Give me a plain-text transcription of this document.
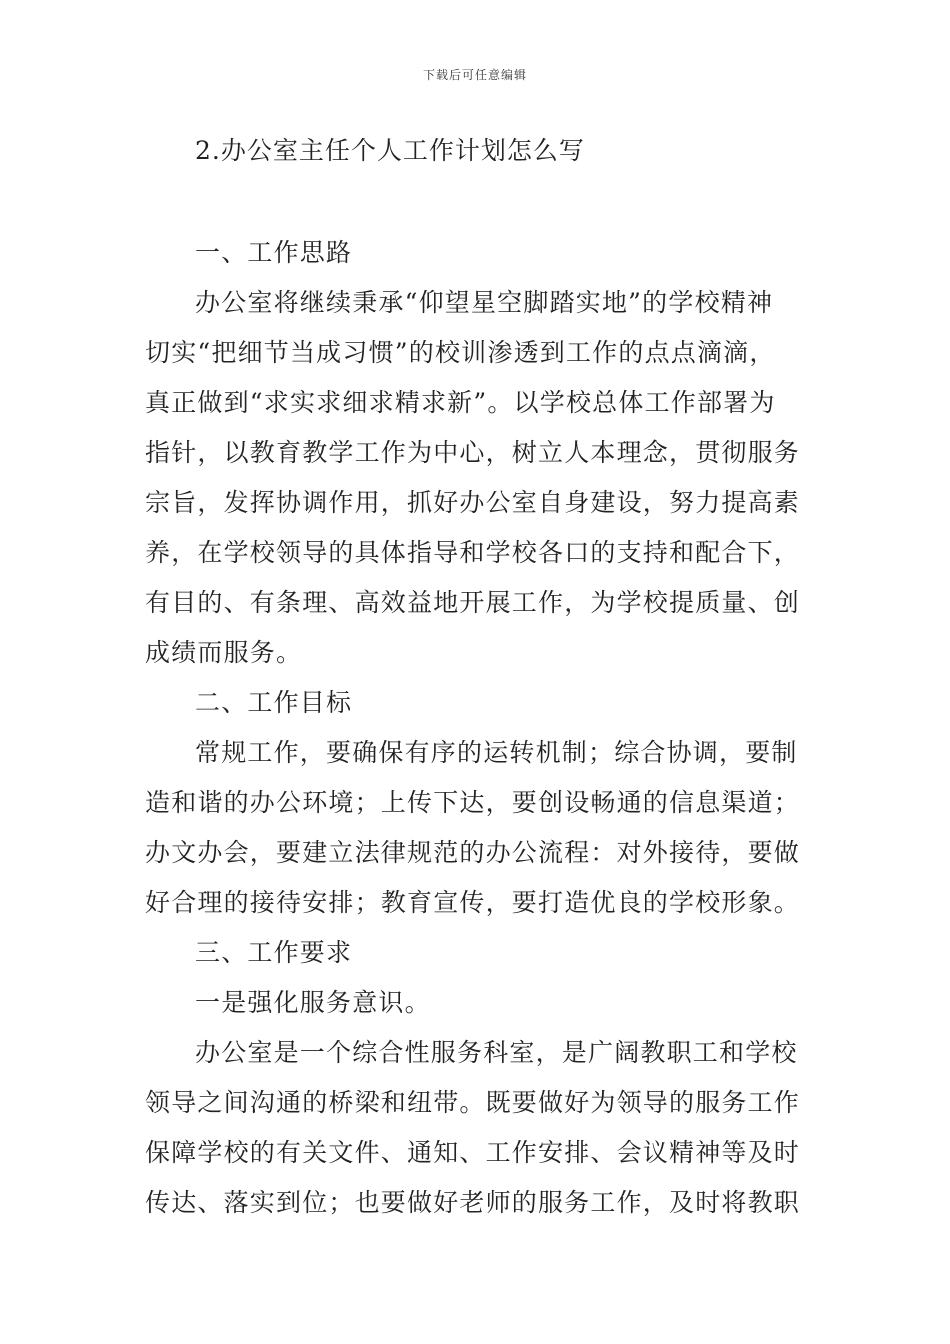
下载后可任意编辑
2.办公室主任个人工作计划怎么写
一、工作思路
办公室将继续秉承“仰望星空脚踏实地”的学校精神
切实“把细节当成习惯”的校训渗透到工作的点点滴滴，
真正做到“求实求细求精求新”。以学校总体工作部署为
指针，以教育教学工作为中心，树立人本理念，贯彻服务
宗旨，发挥协调作用，抓好办公室自身建设，努力提高素
养，在学校领导的具体指导和学校各口的支持和配合下，
有目的、有条理、高效益地开展工作，为学校提质量、创
成绩而服务。
二、工作目标
常规工作，要确保有序的运转机制；综合协调，要制
造和谐的办公环境；上传下达，要创设畅通的信息渠道；
办文办会，要建立法律规范的办公流程：对外接待，要做
好合理的接待安排；教育宣传，要打造优良的学校形象。
三、工作要求
一是强化服务意识。
办公室是一个综合性服务科室，是广阔教职工和学校
领导之间沟通的桥梁和纽带。既要做好为领导的服务工作
保障学校的有关文件、通知、工作安排、会议精神等及时
传达、落实到位；也要做好老师的服务工作，及时将教职
